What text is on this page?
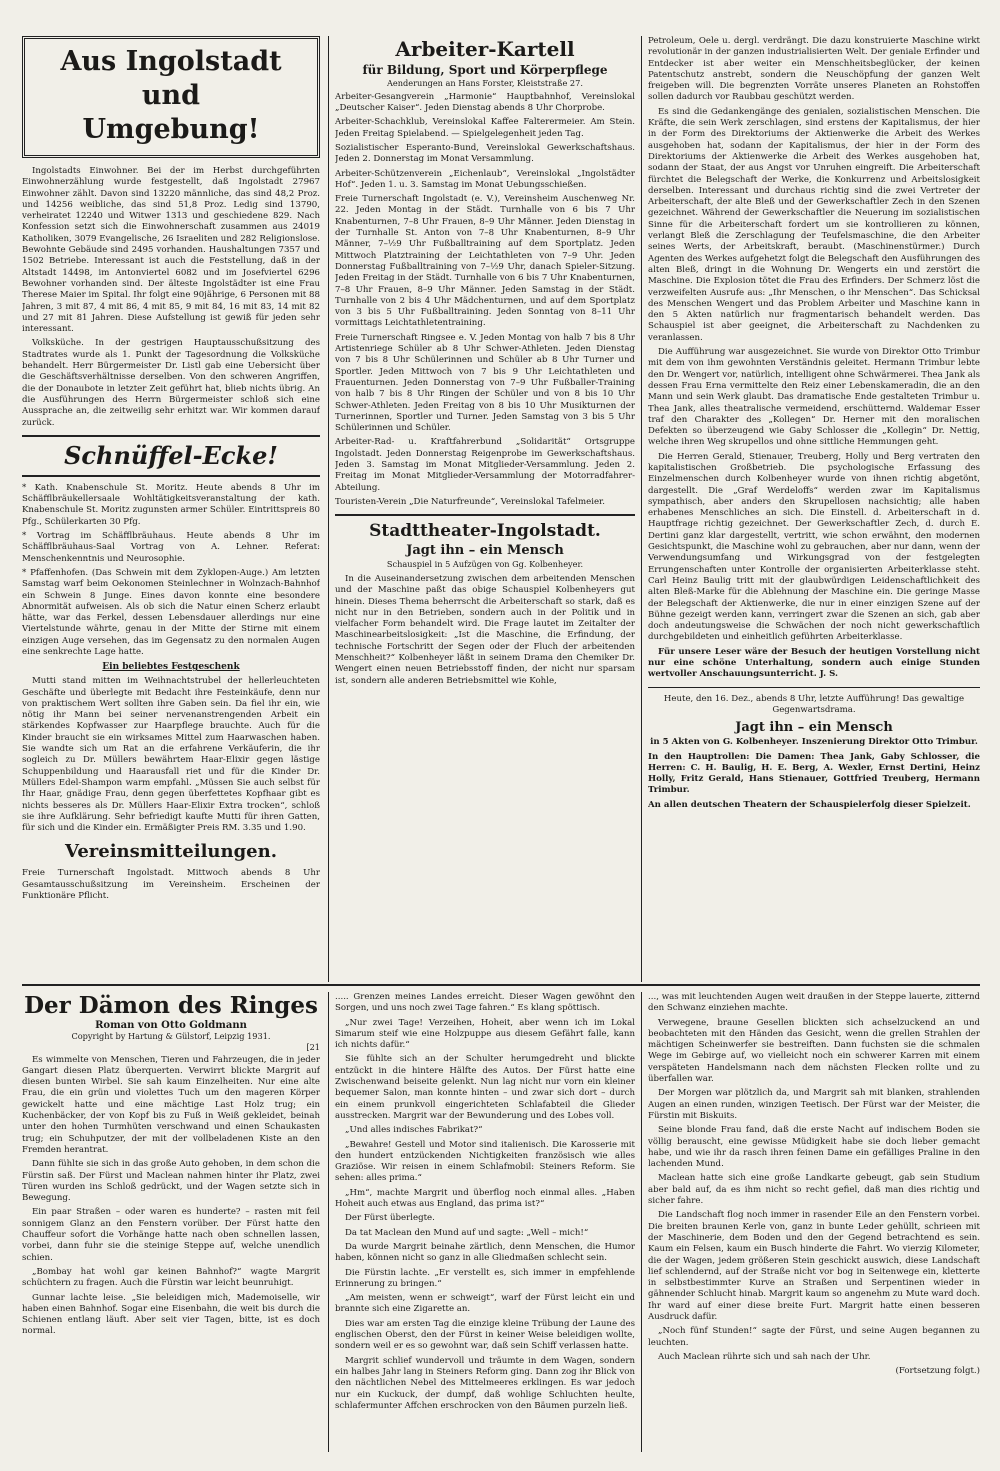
Aus Ingolstadt und
Umgebung!

Ingolstadts Einwohner. Bei der im Herbst durchgeführten Einwohnerzählung wurde festgestellt, daß Ingolstadt 27967 Einwohner zählt. Davon sind 13220 männliche, das sind 48,2 Proz. und 14256 weibliche, das sind 51,8 Proz. Ledig sind 13790, verheiratet 12240 und Witwer 1313 und geschiedene 829. Nach Konfession setzt sich die Einwohnerschaft zusammen aus 24019 Katholiken, 3079 Evangelische, 26 Israeliten und 282 Religionslose. Bewohnte Gebäude sind 2495 vorhanden. Haushaltungen 7357 und 1502 Betriebe. Interessant ist auch die Feststellung, daß in der Altstadt 14498, im Antonviertel 6082 und im Josefviertel 6296 Bewohner vorhanden sind. Der älteste Ingolstädter ist eine Frau Therese Maier im Spital. Ihr folgt eine 90jährige, 6 Personen mit 88 Jahren, 3 mit 87, 4 mit 86, 4 mit 85, 9 mit 84, 16 mit 83, 14 mit 82 und 27 mit 81 Jahren. Diese Aufstellung ist gewiß für jeden sehr interessant.

Volksküche. In der gestrigen Hauptausschußsitzung des Stadtrates wurde als 1. Punkt der Tagesordnung die Volksküche behandelt. Herr Bürgermeister Dr. Listl gab eine Uebersicht über die Geschäftsverhältnisse derselben. Von den schweren Angriffen, die der Donaubote in letzter Zeit geführt hat, blieb nichts übrig. An die Ausführungen des Herrn Bürgermeister schloß sich eine Aussprache an, die zeitweilig sehr erhitzt war. Wir kommen darauf zurück.

Schnüffel-Ecke!

* Kath. Knabenschule St. Moritz. Heute abends 8 Uhr im Schäfflbräukellersaale Wohltätigkeitsveranstaltung der kath. Knabenschule St. Moritz zugunsten armer Schüler. Eintrittspreis 80 Pfg., Schülerkarten 30 Pfg.

* Vortrag im Schäfflbräuhaus. Heute abends 8 Uhr im Schäfflbräuhaus-Saal Vortrag von A. Lehner. Referat: Menschenkenntnis und Neurosophie.

* Pfaffenhofen. (Das Schwein mit dem Zyklopen-Auge.) Am letzten Samstag warf beim Oekonomen Steinlechner in Wolnzach-Bahnhof ein Schwein 8 Junge. Eines davon konnte eine besondere Abnormität aufweisen. Als ob sich die Natur einen Scherz erlaubt hätte, war das Ferkel, dessen Lebensdauer allerdings nur eine Viertelstunde währte, genau in der Mitte der Stirne mit einem einzigen Auge versehen, das im Gegensatz zu den normalen Augen eine senkrechte Lage hatte.

Ein beliebtes Festgeschenk

Mutti stand mitten im Weihnachtstrubel der hellerleuchteten Geschäfte und überlegte mit Bedacht ihre Festeinkäufe, denn nur von praktischem Wert sollten ihre Gaben sein. Da fiel ihr ein, wie nötig ihr Mann bei seiner nervenanstrengenden Arbeit ein stärkendes Kopfwasser zur Haarpflege brauchte. Auch für die Kinder braucht sie ein wirksames Mittel zum Haarwaschen haben. Sie wandte sich um Rat an die erfahrene Verkäuferin, die ihr sogleich zu Dr. Müllers bewährtem Haar-Elixir gegen lästige Schuppenbildung und Haarausfall riet und für die Kinder Dr. Müllers Edel-Shampon warm empfahl. „Müssen Sie auch selbst für Ihr Haar, gnädige Frau, denn gegen überfettetes Kopfhaar gibt es nichts besseres als Dr. Müllers Haar-Elixir Extra trocken“, schloß sie ihre Aufklärung. Sehr befriedigt kaufte Mutti für ihren Gatten, für sich und die Kinder ein. Ermäßigter Preis RM. 3.35 und 1.90.

Vereinsmitteilungen.

Freie Turnerschaft Ingolstadt. Mittwoch abends 8 Uhr Gesamtausschußsitzung im Vereinsheim. Erscheinen der Funktionäre Pflicht.

Arbeiter-Kartell
für Bildung, Sport und Körperpflege
Aenderungen an Hans Forster, Kleiststraße 27.

Arbeiter-Gesangverein „Harmonie“ Hauptbahnhof, Vereinslokal „Deutscher Kaiser“. Jeden Dienstag abends 8 Uhr Chorprobe.

Arbeiter-Schachklub, Vereinslokal Kaffee Falterermeier. Am Stein. Jeden Freitag Spielabend. — Spielgelegenheit jeden Tag.

Sozialistischer Esperanto-Bund, Vereinslokal Gewerkschaftshaus. Jeden 2. Donnerstag im Monat Versammlung.

Arbeiter-Schützenverein „Eichenlaub“, Vereinslokal „Ingolstädter Hof“. Jeden 1. u. 3. Samstag im Monat Uebungsschießen.

Freie Turnerschaft Ingolstadt (e. V.), Vereinsheim Auschenweg Nr. 22. Jeden Montag in der Städt. Turnhalle von 6 bis 7 Uhr Knabenturnen, 7–8 Uhr Frauen, 8–9 Uhr Männer. Jeden Dienstag in der Turnhalle St. Anton von 7–8 Uhr Knabenturnen, 8–9 Uhr Männer, 7–½9 Uhr Fußballtraining auf dem Sportplatz. Jeden Mittwoch Platztraining der Leichtathleten von 7–9 Uhr. Jeden Donnerstag Fußballtraining von 7–½9 Uhr, danach Spieler-Sitzung. Jeden Freitag in der Städt. Turnhalle von 6 bis 7 Uhr Knabenturnen, 7–8 Uhr Frauen, 8–9 Uhr Männer. Jeden Samstag in der Städt. Turnhalle von 2 bis 4 Uhr Mädchenturnen, und auf dem Sportplatz von 3 bis 5 Uhr Fußballtraining. Jeden Sonntag von 8–11 Uhr vormittags Leichtathletentraining.

Freie Turnerschaft Ringsee e. V. Jeden Montag von halb 7 bis 8 Uhr Artistenriege Schüler ab 8 Uhr Schwer-Athleten. Jeden Dienstag von 7 bis 8 Uhr Schülerinnen und Schüler ab 8 Uhr Turner und Sportler. Jeden Mittwoch von 7 bis 9 Uhr Leichtathleten und Frauenturnen. Jeden Donnerstag von 7–9 Uhr Fußballer-Training von halb 7 bis 8 Uhr Ringen der Schüler und von 8 bis 10 Uhr Schwer-Athleten. Jeden Freitag von 8 bis 10 Uhr Musikturnen der Turnerinnen, Sportler und Turner. Jeden Samstag von 3 bis 5 Uhr Schülerinnen und Schüler.

Arbeiter-Rad- u. Kraftfahrerbund „Solidarität“ Ortsgruppe Ingolstadt. Jeden Donnerstag Reigenprobe im Gewerkschaftshaus. Jeden 3. Samstag im Monat Mitglieder-Versammlung. Jeden 2. Freitag im Monat Mitglieder-Versammlung der Motorradfahrer-Abteilung.

Touristen-Verein „Die Naturfreunde“, Vereinslokal Tafelmeier.

Stadttheater-Ingolstadt.
Jagt ihn – ein Mensch
Schauspiel in 5 Aufzügen von Gg. Kolbenheyer.

In die Auseinandersetzung zwischen dem arbeitenden Menschen und der Maschine paßt das obige Schauspiel Kolbenheyers gut hinein. Dieses Thema beherrscht die Arbeiterschaft so stark, daß es nicht nur in den Betrieben, sondern auch in der Politik und in vielfacher Form behandelt wird. Die Frage lautet im Zeitalter der Maschinearbeitslosigkeit: „Ist die Maschine, die Erfindung, der technische Fortschritt der Segen oder der Fluch der arbeitenden Menschheit?“ Kolbenheyer läßt in seinem Drama den Chemiker Dr. Wengert einen neuen Betriebsstoff finden, der nicht nur sparsam ist, sondern alle anderen Betriebsmittel wie Kohle,

Petroleum, Oele u. dergl. verdrängt. Die dazu konstruierte Maschine wirkt revolutionär in der ganzen industrialisierten Welt. Der geniale Erfinder und Entdecker ist aber weiter ein Menschheitsbeglücker, der keinen Patentschutz anstrebt, sondern die Neuschöpfung der ganzen Welt freigeben will. Die begrenzten Vorräte unseres Planeten an Rohstoffen sollen dadurch vor Raubbau geschützt werden.

Es sind die Gedankengänge des genialen, sozialistischen Menschen. Die Kräfte, die sein Werk zerschlagen, sind erstens der Kapitalismus, der hier in der Form des Direktoriums der Aktienwerke die Arbeit des Werkes ausgehoben hat, sodann der Kapitalismus, der hier in der Form des Direktoriums der Aktienwerke die Arbeit des Werkes ausgehoben hat, sodann der Staat, der aus Angst vor Unruhen eingreift. Die Arbeiterschaft fürchtet die Belegschaft der Werke, die Konkurrenz und Arbeitslosigkeit derselben. Interessant und durchaus richtig sind die zwei Vertreter der Arbeiterschaft, der alte Bleß und der Gewerkschaftler Zech in den Szenen gezeichnet. Während der Gewerkschaftler die Neuerung im sozialistischen Sinne für die Arbeiterschaft fordert um sie kontrollieren zu können, verlangt Bleß die Zerschlagung der Teufelsmaschine, die den Arbeiter seines Werts, der Arbeitskraft, beraubt. (Maschinenstürmer.) Durch Agenten des Werkes aufgehetzt folgt die Belegschaft den Ausführungen des alten Bleß, dringt in die Wohnung Dr. Wengerts ein und zerstört die Maschine. Die Explosion tötet die Frau des Erfinders. Der Schmerz löst die verzweifelten Ausrufe aus: „Ihr Menschen, o ihr Menschen“. Das Schicksal des Menschen Wengert und das Problem Arbeiter und Maschine kann in den 5 Akten natürlich nur fragmentarisch behandelt werden. Das Schauspiel ist aber geeignet, die Arbeiterschaft zu Nachdenken zu veranlassen.

Die Aufführung war ausgezeichnet. Sie wurde von Direktor Otto Trimbur mit dem von ihm gewohnten Verständnis geleitet. Hermann Trimbur lebte den Dr. Wengert vor, natürlich, intelligent ohne Schwärmerei. Thea Jank als dessen Frau Erna vermittelte den Reiz einer Lebenskameradin, die an den Mann und sein Werk glaubt. Das dramatische Ende gestalteten Trimbur u. Thea Jank, alles theatralische vermeidend, erschütternd. Waldemar Esser traf den Charakter des „Kollegen“ Dr. Herner mit den moralischen Defekten so überzeugend wie Gaby Schlosser die „Kollegin“ Dr. Nettig, welche ihren Weg skrupellos und ohne sittliche Hemmungen geht.

Die Herren Gerald, Stienauer, Treuberg, Holly und Berg vertraten den kapitalistischen Großbetrieb. Die psychologische Erfassung des Einzelmenschen durch Kolbenheyer wurde von ihnen richtig abgetönt, dargestellt. Die „Graf Werdeloffs“ werden zwar im Kapitalismus sympathisch, aber anders den Skrupellosen nachsichtig; alle haben erhabenes Menschliches an sich. Die Einstell. d. Arbeiterschaft in d. Hauptfrage richtig gezeichnet. Der Gewerkschaftler Zech, d. durch E. Dertini ganz klar dargestellt, vertritt, wie schon erwähnt, den modernen Gesichtspunkt, die Maschine wohl zu gebrauchen, aber nur dann, wenn der Verwendungsumfang und Wirkungsgrad von der festgelegten Errungenschaften unter Kontrolle der organisierten Arbeiterklasse steht. Carl Heinz Baulig tritt mit der glaubwürdigen Leidenschaftlichkeit des alten Bleß-Marke für die Ablehnung der Maschine ein. Die geringe Masse der Belegschaft der Aktienwerke, die nur in einer einzigen Szene auf der Bühne gezeigt werden kann, verringert zwar die Szenen an sich, gab aber doch andeutungsweise die Schwächen der noch nicht gewerkschaftlich durchgebildeten und einheitlich geführten Arbeiterklasse.

Für unsere Leser wäre der Besuch der heutigen Vorstellung nicht nur eine schöne Unterhaltung, sondern auch einige Stunden wertvoller Anschauungsunterricht. J. S.

Heute, den 16. Dez., abends 8 Uhr, letzte Aufführung! Das gewaltige Gegenwartsdrama.

Jagt ihn – ein Mensch

in 5 Akten von G. Kolbenheyer. Inszenierung Direktor Otto Trimbur.

In den Hauptrollen: Die Damen: Thea Jank, Gaby Schlosser, die Herren: C. H. Baulig, H. E. Berg, A. Wexler, Ernst Dertini, Heinz Holly, Fritz Gerald, Hans Stienauer, Gottfried Treuberg, Hermann Trimbur.

An allen deutschen Theatern der Schauspielerfolg dieser Spielzeit.

Der Dämon des Ringes
Roman von Otto Goldmann
Copyright by Hartung & Gülstorf, Leipzig 1931.
[21

Es wimmelte von Menschen, Tieren und Fahrzeugen, die in jeder Gangart diesen Platz überquerten. Verwirrt blickte Margrit auf diesen bunten Wirbel. Sie sah kaum Einzelheiten. Nur eine alte Frau, die ein grün und violettes Tuch um den mageren Körper gewickelt hatte und eine mächtige Last Holz trug; ein Kuchenbäcker, der von Kopf bis zu Fuß in Weiß gekleidet, beinah unter den hohen Turmhüten verschwand und einen Schaukasten trug; ein Schuhputzer, der mit der vollbeladenen Kiste an den Fremden herantrat.

Dann fühlte sie sich in das große Auto gehoben, in dem schon die Fürstin saß. Der Fürst und Maclean nahmen hinter ihr Platz, zwei Türen wurden ins Schloß gedrückt, und der Wagen setzte sich in Bewegung.

Ein paar Straßen – oder waren es hunderte? – rasten mit feil sonnigem Glanz an den Fenstern vorüber. Der Fürst hatte den Chauffeur sofort die Vorhänge hatte nach oben schnellen lassen, vorbei, dann fuhr sie die steinige Steppe auf, welche unendlich schien.

„Bombay hat wohl gar keinen Bahnhof?“ wagte Margrit schüchtern zu fragen. Auch die Fürstin war leicht beunruhigt.

Gunnar lachte leise. „Sie beleidigen mich, Mademoiselle, wir haben einen Bahnhof. Sogar eine Eisenbahn, die weit bis durch die Schienen entlang läuft. Aber seit vier Tagen, bitte, ist es doch normal.

..... Grenzen meines Landes erreicht. Dieser Wagen gewöhnt den Sorgen, und uns noch zwei Tage fahren.“ Es klang spöttisch.

„Nur zwei Tage! Verzeihen, Hoheit, aber wenn ich im Lokal Simarum steif wie eine Holzpuppe aus diesem Gefährt falle, kann ich nichts dafür.“

Sie fühlte sich an der Schulter herumgedreht und blickte entzückt in die hintere Hälfte des Autos. Der Fürst hatte eine Zwischenwand beiseite gelenkt. Nun lag nicht nur vorn ein kleiner bequemer Salon, man konnte hinten – und zwar sich dort – durch ein einem prunkvoll eingerichteten Schlafabteil die Glieder ausstrecken. Margrit war der Bewunderung und des Lobes voll.

„Und alles indisches Fabrikat?“

„Bewahre! Gestell und Motor sind italienisch. Die Karosserie mit den hundert entzückenden Nichtigkeiten französisch wie alles Graziöse. Wir reisen in einem Schlafmobil: Steiners Reform. Sie sehen: alles prima.“

„Hm“, machte Margrit und überflog noch einmal alles. „Haben Hoheit auch etwas aus England, das prima ist?“

Der Fürst überlegte.

Da tat Maclean den Mund auf und sagte: „Well – mich!“

Da wurde Margrit beinahe zärtlich, denn Menschen, die Humor haben, können nicht so ganz in alle Gliedmaßen schlecht sein.

Die Fürstin lachte. „Er verstellt es, sich immer in empfehlende Erinnerung zu bringen.“

„Am meisten, wenn er schweigt“, warf der Fürst leicht ein und brannte sich eine Zigarette an.

Dies war am ersten Tag die einzige kleine Trübung der Laune des englischen Oberst, den der Fürst in keiner Weise beleidigen wollte, sondern weil er es so gewohnt war, daß sein Schiff verlassen hatte.

Margrit schlief wundervoll und träumte in dem Wagen, sondern ein halbes Jahr lang in Steiners Reform ging. Dann zog ihr Blick von den nächtlichen Nebel des Mittelmeeres erklingen. Es war jedoch nur ein Kuckuck, der dumpf, daß wohlige Schluchten heulte, schlafermunter Affchen erschrocken von den Bäumen purzeln ließ.

..., was mit leuchtenden Augen weit draußen in der Steppe lauerte, zitternd den Schwanz einziehen machte.

Verwegene, braune Gesellen blickten sich achselzuckend an und beobachteten mit den Händen das Gesicht, wenn die grellen Strahlen der mächtigen Scheinwerfer sie bestreiften. Dann fuchsten sie die schmalen Wege im Gebirge auf, wo vielleicht noch ein schwerer Karren mit einem verspäteten Handelsmann nach dem nächsten Flecken rollte und zu überfallen war.

Der Morgen war plötzlich da, und Margrit sah mit blanken, strahlenden Augen an einen runden, winzigen Teetisch. Der Fürst war der Meister, die Fürstin mit Biskuits.

Seine blonde Frau fand, daß die erste Nacht auf indischem Boden sie völlig berauscht, eine gewisse Müdigkeit habe sie doch lieber gemacht habe, und wie ihr da rasch ihren feinen Dame ein gefälliges Praline in den lachenden Mund.

Maclean hatte sich eine große Landkarte gebeugt, gab sein Studium aber bald auf, da es ihm nicht so recht gefiel, daß man dies richtig und sicher fahre.

Die Landschaft flog noch immer in rasender Eile an den Fenstern vorbei. Die breiten braunen Kerle von, ganz in bunte Leder gehüllt, schrieen mit der Maschinerie, dem Boden und den der Gegend betrachtend es sein. Kaum ein Felsen, kaum ein Busch hinderte die Fahrt. Wo vierzig Kilometer, die der Wagen, jedem größeren Stein geschickt auswich, diese Landschaft lief schlendernd, auf der Straße nicht vor bog in Seitenwege ein, kletterte in selbstbestimmter Kurve an Straßen und Serpentinen wieder in gähnender Schlucht hinab. Margrit kaum so angenehm zu Mute ward doch. Ihr ward auf einer diese breite Furt. Margrit hatte einen besseren Ausdruck dafür.

„Noch fünf Stunden!“ sagte der Fürst, und seine Augen begannen zu leuchten.

Auch Maclean rührte sich und sah nach der Uhr.

(Fortsetzung folgt.)
